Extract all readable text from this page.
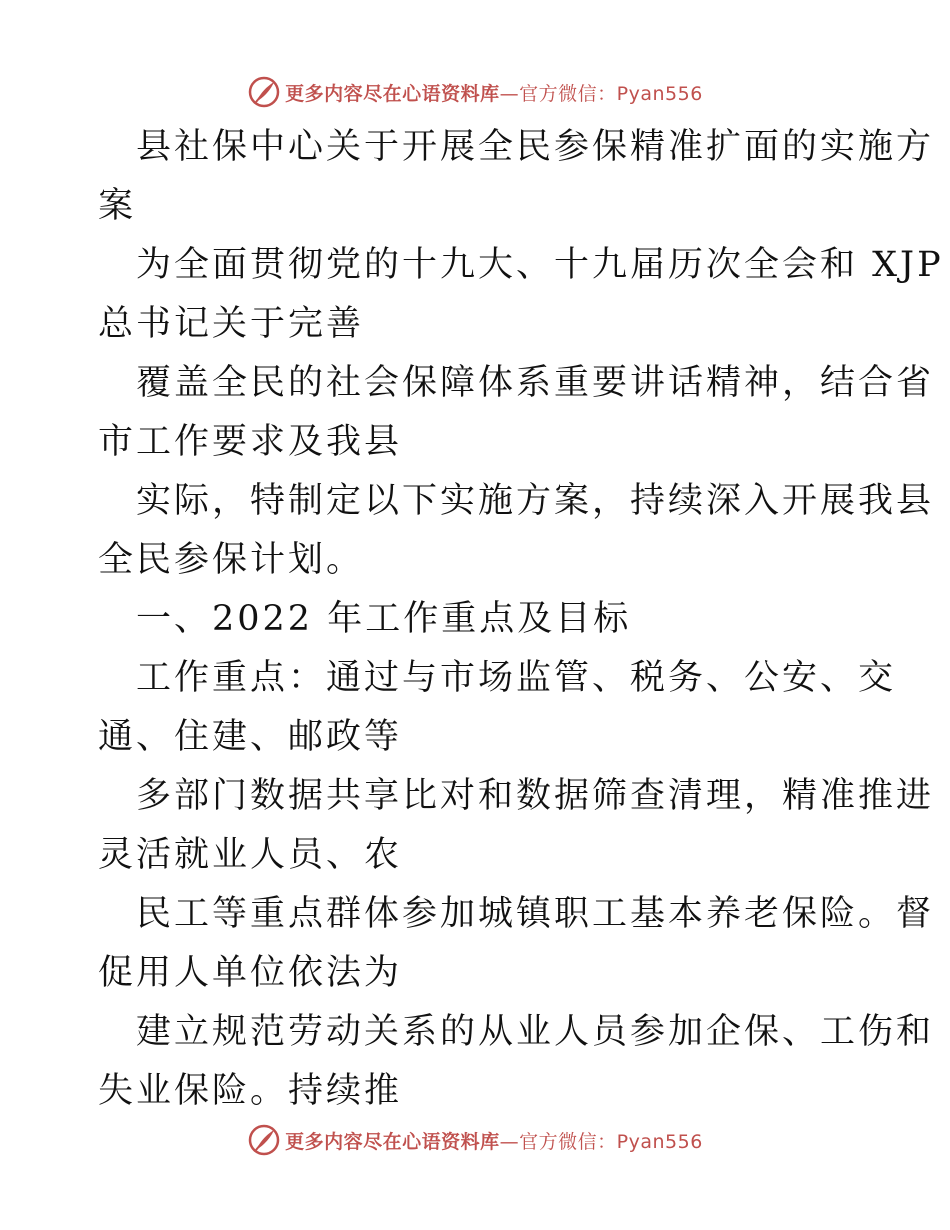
更多内容尽在心语资料库—官方微信：Pyan556
县社保中心关于开展全民参保精准扩面的实施方
案
为全面贯彻党的十九大、十九届历次全会和 XJP
总书记关于完善
覆盖全民的社会保障体系重要讲话精神，结合省
市工作要求及我县
实际，特制定以下实施方案，持续深入开展我县
全民参保计划。
一、2022 年工作重点及目标
工作重点：通过与市场监管、税务、公安、交
通、住建、邮政等
多部门数据共享比对和数据筛查清理，精准推进
灵活就业人员、农
民工等重点群体参加城镇职工基本养老保险。督
促用人单位依法为
建立规范劳动关系的从业人员参加企保、工伤和
失业保险。持续推
更多内容尽在心语资料库—官方微信：Pyan556
